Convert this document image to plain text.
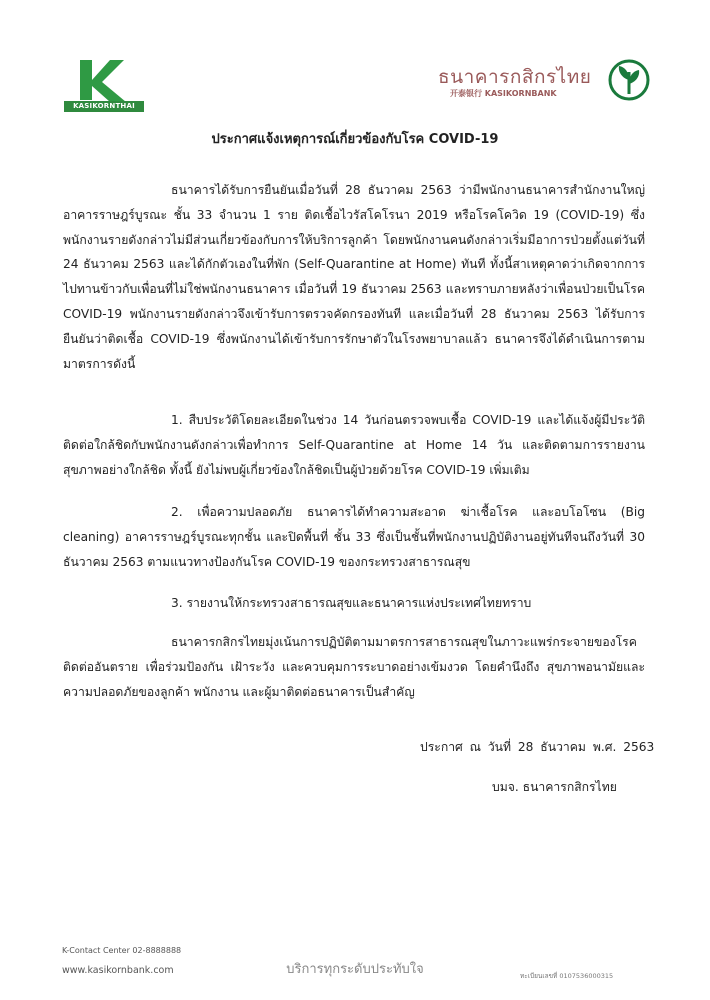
KASIKORNTHAI
ธนาคารกสิกรไทย
开泰银行 KASIKORNBANK
ประกาศแจ้งเหตุการณ์เกี่ยวข้องกับโรค COVID-19
ธนาคารได้รับการยืนยันเมื่อวันที่ 28 ธันวาคม 2563 ว่ามีพนักงานธนาคารสำนักงานใหญ่ อาคารราษฎร์บูรณะ ชั้น 33 จำนวน 1 ราย ติดเชื้อไวรัสโคโรนา 2019 หรือโรคโควิด 19 (COVID-19) ซึ่งพนักงานรายดังกล่าวไม่มีส่วนเกี่ยวข้องกับการให้บริการลูกค้า โดยพนักงานคนดังกล่าวเริ่มมีอาการป่วยตั้งแต่วันที่ 24 ธันวาคม 2563 และได้กักตัวเองในที่พัก (Self-Quarantine at Home) ทันที ทั้งนี้สาเหตุคาดว่าเกิดจากการไปทานข้าวกับเพื่อนที่ไม่ใช่พนักงานธนาคาร เมื่อวันที่ 19 ธันวาคม 2563 และทราบภายหลังว่าเพื่อนป่วยเป็นโรค COVID-19 พนักงานรายดังกล่าวจึงเข้ารับการตรวจคัดกรองทันที และเมื่อวันที่ 28 ธันวาคม 2563 ได้รับการยืนยันว่าติดเชื้อ COVID-19 ซึ่งพนักงานได้เข้ารับการรักษาตัวในโรงพยาบาลแล้ว ธนาคารจึงได้ดำเนินการตามมาตรการดังนี้
1. สืบประวัติโดยละเอียดในช่วง 14 วันก่อนตรวจพบเชื้อ COVID-19 และได้แจ้งผู้มีประวัติติดต่อใกล้ชิดกับพนักงานดังกล่าวเพื่อทำการ Self-Quarantine at Home 14 วัน และติดตามการรายงานสุขภาพอย่างใกล้ชิด ทั้งนี้ ยังไม่พบผู้เกี่ยวข้องใกล้ชิดเป็นผู้ป่วยด้วยโรค COVID-19 เพิ่มเติม
2. เพื่อความปลอดภัย ธนาคารได้ทำความสะอาด ฆ่าเชื้อโรค และอบโอโซน (Big cleaning) อาคารราษฎร์บูรณะทุกชั้น และปิดพื้นที่ ชั้น 33 ซึ่งเป็นชั้นที่พนักงานปฏิบัติงานอยู่ทันทีจนถึงวันที่ 30 ธันวาคม 2563 ตามแนวทางป้องกันโรค COVID-19 ของกระทรวงสาธารณสุข
3. รายงานให้กระทรวงสาธารณสุขและธนาคารแห่งประเทศไทยทราบ
ธนาคารกสิกรไทยมุ่งเน้นการปฏิบัติตามมาตรการสาธารณสุขในภาวะแพร่กระจายของโรคติดต่ออันตราย เพื่อร่วมป้องกัน เฝ้าระวัง และควบคุมการระบาดอย่างเข้มงวด โดยคำนึงถึง สุขภาพอนามัยและความปลอดภัยของลูกค้า พนักงาน และผู้มาติดต่อธนาคารเป็นสำคัญ
ประกาศ ณ วันที่ 28 ธันวาคม พ.ศ. 2563
บมจ. ธนาคารกสิกรไทย
K-Contact Center 02-8888888
www.kasikornbank.com	บริการทุกระดับประทับใจ	ทะเบียนเลขที่ 0107536000315
